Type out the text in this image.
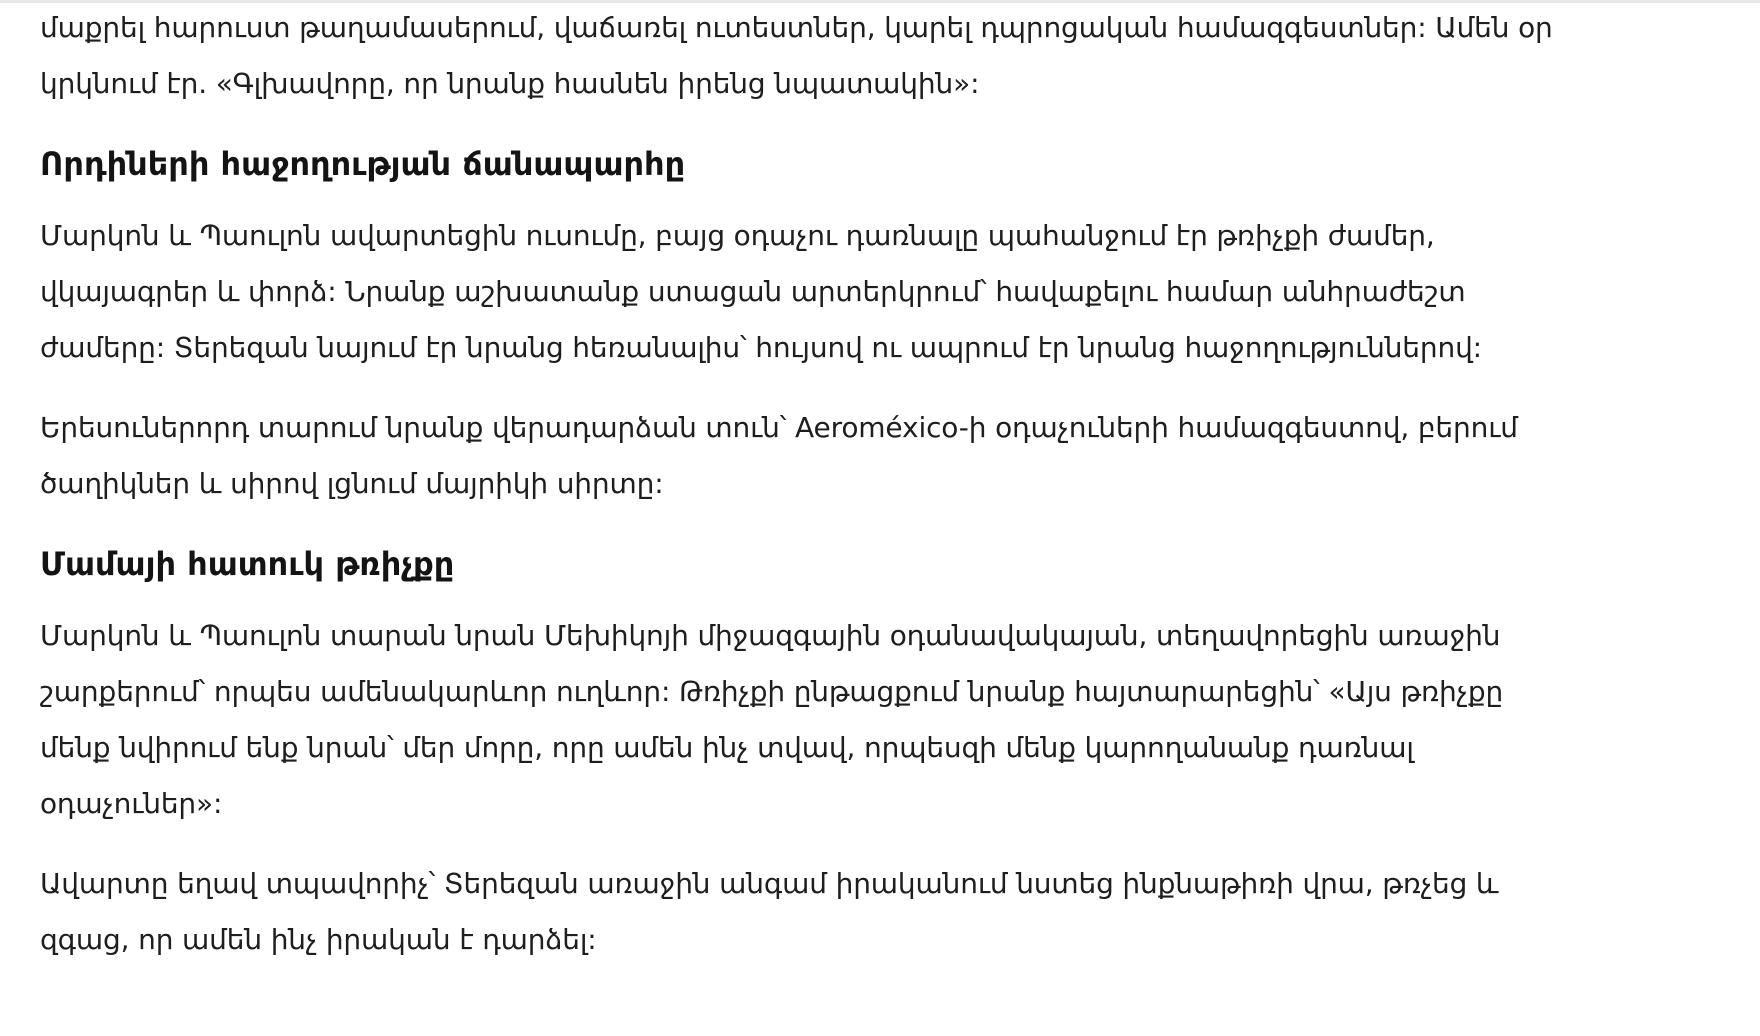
մաքրել հարուստ թաղամասերում, վաճառել ուտեստներ, կարել դպրոցական համազգեստներ: Ամեն օր կրկնում էր. «Գլխավորը, որ նրանք հասնեն իրենց նպատակին»:

Որդիների հաջողության ճանապարհը

Մարկոն և Պաուլոն ավարտեցին ուսումը, բայց օդաչու դառնալը պահանջում էր թռիչքի ժամեր, վկայագրեր և փորձ: Նրանք աշխատանք ստացան արտերկրում՝ հավաքելու համար անհրաժեշտ ժամերը: Տերեզան նայում էր նրանց հեռանալիս՝ հույսով ու ապրում էր նրանց հաջողություններով:

Երեսուներորդ տարում նրանք վերադարձան տուն՝ Aeroméxico-ի օդաչուների համազգեստով, բերում ծաղիկներ և սիրով լցնում մայրիկի սիրտը:

Մամայի հատուկ թռիչքը

Մարկոն և Պաուլոն տարան նրան Մեխիկոյի միջազգային օդանավակայան, տեղավորեցին առաջին շարքերում՝ որպես ամենակարևոր ուղևոր: Թռիչքի ընթացքում նրանք հայտարարեցին՝ «Այս թռիչքը մենք նվիրում ենք նրան՝ մեր մորը, որը ամեն ինչ տվավ, որպեսզի մենք կարողանանք դառնալ օդաչուներ»:

Ավարտը եղավ տպավորիչ՝ Տերեզան առաջին անգամ իրականում նստեց ինքնաթիռի վրա, թռչեց և զգաց, որ ամեն ինչ իրական է դարձել:
